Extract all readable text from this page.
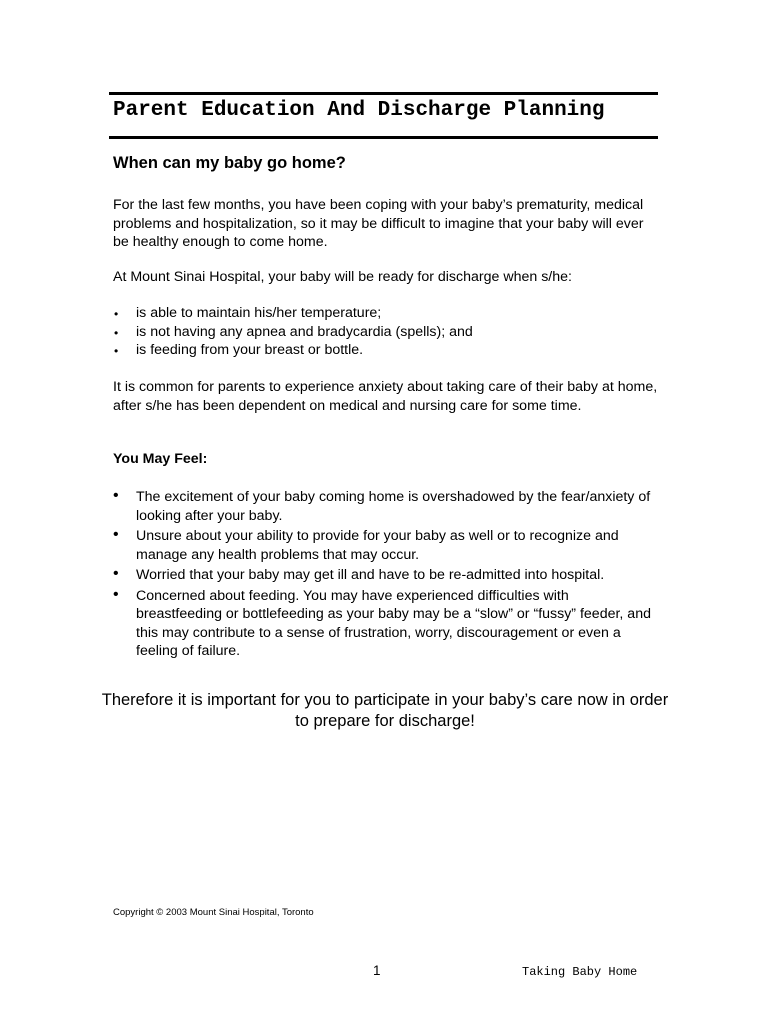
Parent Education And Discharge Planning
When can my baby go home?

For the last few months, you have been coping with your baby’s prematurity, medical problems and hospitalization, so it may be difficult to imagine that your baby will ever be healthy enough to come home.

At Mount Sinai Hospital, your baby will be ready for discharge when s/he:

• is able to maintain his/her temperature;
• is not having any apnea and bradycardia (spells); and
• is feeding from your breast or bottle.

It is common for parents to experience anxiety about taking care of their baby at home, after s/he has been dependent on medical and nursing care for some time.

You May Feel:
• The excitement of your baby coming home is overshadowed by the fear/anxiety of looking after your baby.
• Unsure about your ability to provide for your baby as well or to recognize and manage any health problems that may occur.
• Worried that your baby may get ill and have to be re-admitted into hospital.
• Concerned about feeding. You may have experienced difficulties with breastfeeding or bottlefeeding as your baby may be a “slow” or “fussy” feeder, and this may contribute to a sense of frustration, worry, discouragement or even a feeling of failure.

Therefore it is important for you to participate in your baby’s care now in order to prepare for discharge!

Copyright © 2003 Mount Sinai Hospital, Toronto

1	Taking Baby Home
